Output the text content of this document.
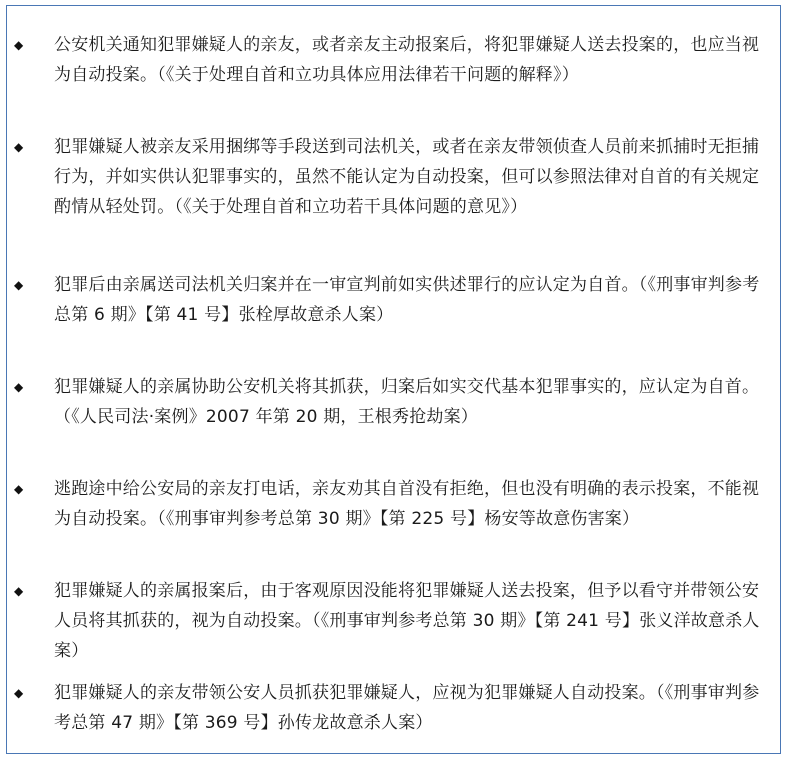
◆ 公安机关通知犯罪嫌疑人的亲友，或者亲友主动报案后，将犯罪嫌疑人送去投案的，也应当视为自动投案。（《关于处理自首和立功具体应用法律若干问题的解释》）
◆ 犯罪嫌疑人被亲友采用捆绑等手段送到司法机关，或者在亲友带领侦查人员前来抓捕时无拒捕行为，并如实供认犯罪事实的，虽然不能认定为自动投案，但可以参照法律对自首的有关规定酌情从轻处罚。（《关于处理自首和立功若干具体问题的意见》）
◆ 犯罪后由亲属送司法机关归案并在一审宣判前如实供述罪行的应认定为自首。（《刑事审判参考总第 6 期》【第 41 号】张栓厚故意杀人案）
◆ 犯罪嫌疑人的亲属协助公安机关将其抓获，归案后如实交代基本犯罪事实的，应认定为自首。（《人民司法·案例》2007 年第 20 期，王根秀抢劫案）
◆ 逃跑途中给公安局的亲友打电话，亲友劝其自首没有拒绝，但也没有明确的表示投案，不能视为自动投案。（《刑事审判参考总第 30 期》【第 225 号】杨安等故意伤害案）
◆ 犯罪嫌疑人的亲属报案后，由于客观原因没能将犯罪嫌疑人送去投案，但予以看守并带领公安人员将其抓获的，视为自动投案。（《刑事审判参考总第 30 期》【第 241 号】张义洋故意杀人案）
◆ 犯罪嫌疑人的亲友带领公安人员抓获犯罪嫌疑人，应视为犯罪嫌疑人自动投案。（《刑事审判参考总第 47 期》【第 369 号】孙传龙故意杀人案）
